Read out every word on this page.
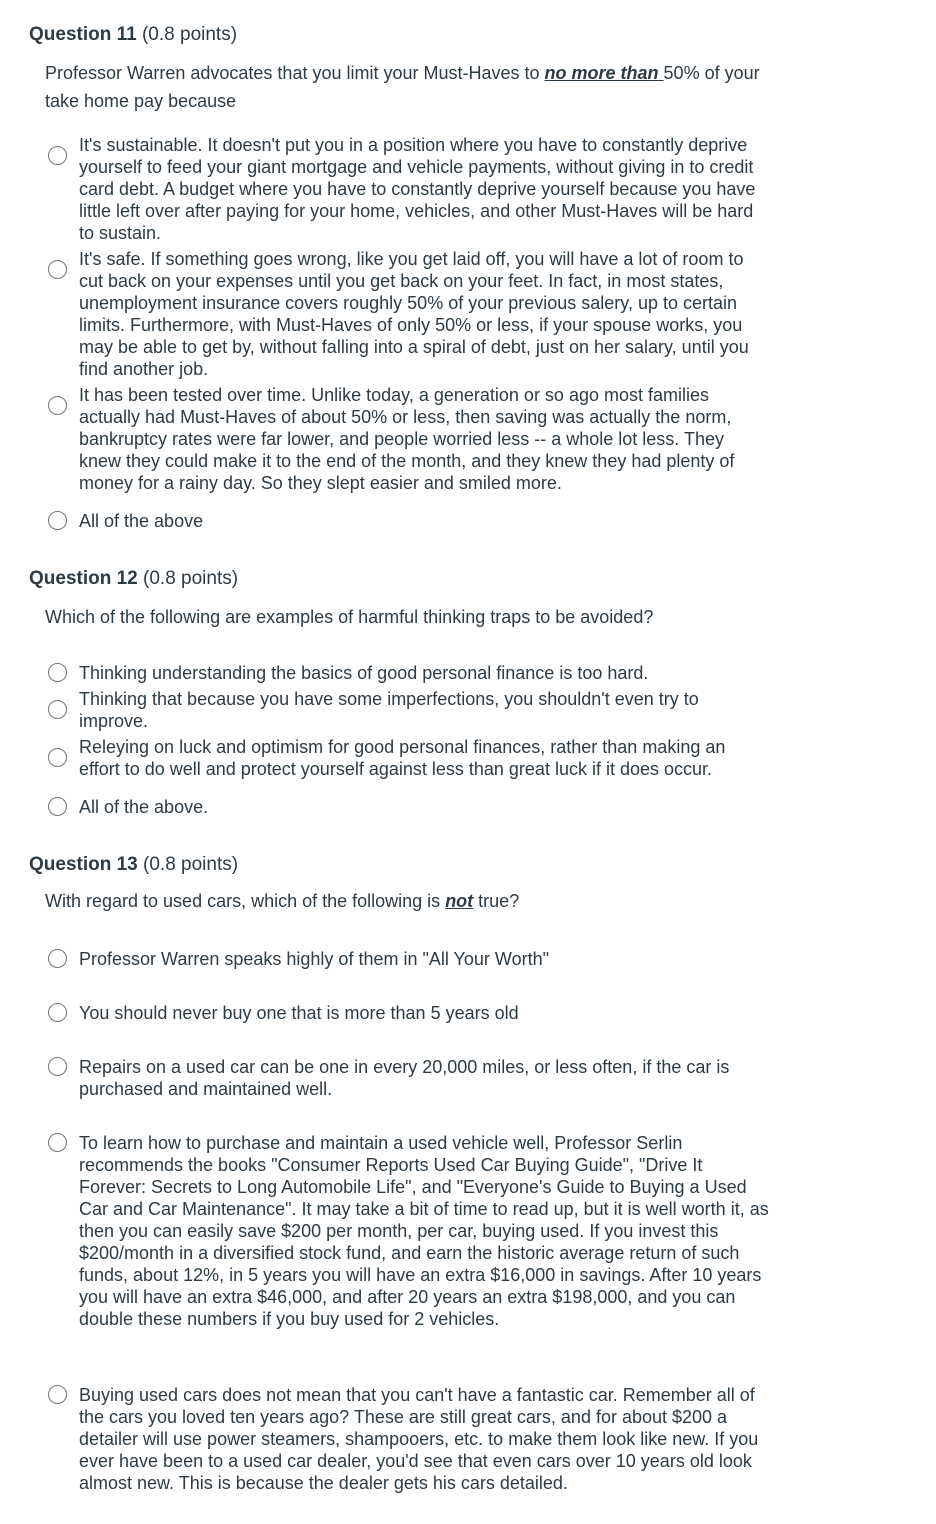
Question 11 (0.8 points)
Professor Warren advocates that you limit your Must-Haves to no more than 50% of your take home pay because
It's sustainable. It doesn't put you in a position where you have to constantly deprive yourself to feed your giant mortgage and vehicle payments, without giving in to credit card debt. A budget where you have to constantly deprive yourself because you have little left over after paying for your home, vehicles, and other Must-Haves will be hard to sustain.
It's safe. If something goes wrong, like you get laid off, you will have a lot of room to cut back on your expenses until you get back on your feet. In fact, in most states, unemployment insurance covers roughly 50% of your previous salery, up to certain limits. Furthermore, with Must-Haves of only 50% or less, if your spouse works, you may be able to get by, without falling into a spiral of debt, just on her salary, until you find another job.
It has been tested over time. Unlike today, a generation or so ago most families actually had Must-Haves of about 50% or less, then saving was actually the norm, bankruptcy rates were far lower, and people worried less -- a whole lot less. They knew they could make it to the end of the month, and they knew they had plenty of money for a rainy day. So they slept easier and smiled more.
All of the above
Question 12 (0.8 points)
Which of the following are examples of harmful thinking traps to be avoided?
Thinking understanding the basics of good personal finance is too hard.
Thinking that because you have some imperfections, you shouldn't even try to improve.
Releying on luck and optimism for good personal finances, rather than making an effort to do well and protect yourself against less than great luck if it does occur.
All of the above.
Question 13 (0.8 points)
With regard to used cars, which of the following is not true?
Professor Warren speaks highly of them in "All Your Worth"
You should never buy one that is more than 5 years old
Repairs on a used car can be one in every 20,000 miles, or less often, if the car is purchased and maintained well.
To learn how to purchase and maintain a used vehicle well, Professor Serlin recommends the books "Consumer Reports Used Car Buying Guide", "Drive It Forever: Secrets to Long Automobile Life", and "Everyone's Guide to Buying a Used Car and Car Maintenance". It may take a bit of time to read up, but it is well worth it, as then you can easily save $200 per month, per car, buying used. If you invest this $200/month in a diversified stock fund, and earn the historic average return of such funds, about 12%, in 5 years you will have an extra $16,000 in savings. After 10 years you will have an extra $46,000, and after 20 years an extra $198,000, and you can double these numbers if you buy used for 2 vehicles.
Buying used cars does not mean that you can't have a fantastic car. Remember all of the cars you loved ten years ago? These are still great cars, and for about $200 a detailer will use power steamers, shampooers, etc. to make them look like new. If you ever have been to a used car dealer, you'd see that even cars over 10 years old look almost new. This is because the dealer gets his cars detailed.
